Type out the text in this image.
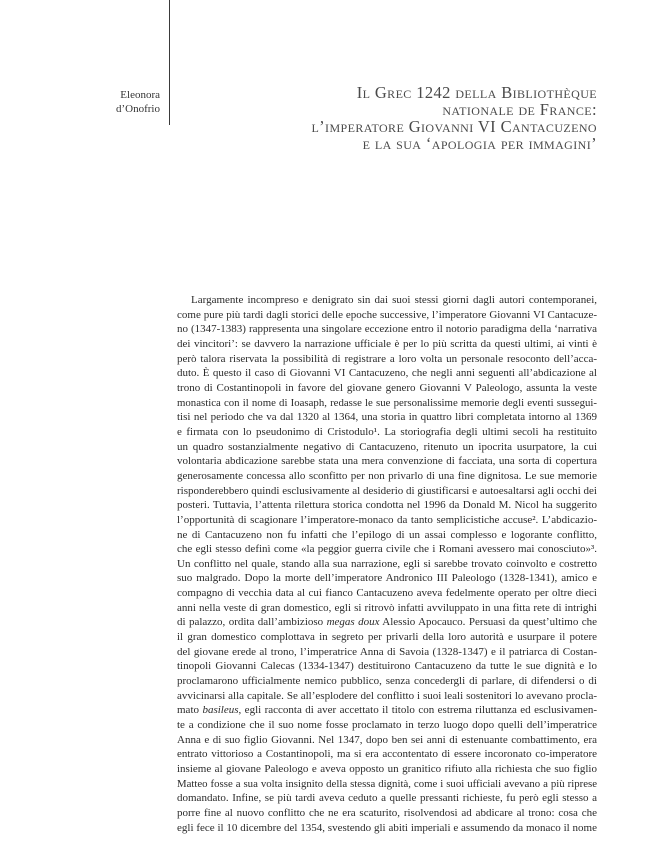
Eleonora
d’Onofrio
Il Grec 1242 della Bibliothèque
nationale de France:
l’imperatore Giovanni VI Cantacuzeno
e la sua ‘apologia per immagini’
Largamente incompreso e denigrato sin dai suoi stessi giorni dagli autori contemporanei,
come pure più tardi dagli storici delle epoche successive, l’imperatore Giovanni VI Cantacuze-
no (1347-1383) rappresenta una singolare eccezione entro il notorio paradigma della ‘narrativa
dei vincitori’: se davvero la narrazione ufficiale è per lo più scritta da questi ultimi, ai vinti è
però talora riservata la possibilità di registrare a loro volta un personale resoconto dell’acca-
duto. È questo il caso di Giovanni VI Cantacuzeno, che negli anni seguenti all’abdicazione al
trono di Costantinopoli in favore del giovane genero Giovanni V Paleologo, assunta la veste
monastica con il nome di Ioasaph, redasse le sue personalissime memorie degli eventi sussegui-
tisi nel periodo che va dal 1320 al 1364, una storia in quattro libri completata intorno al 1369
e firmata con lo pseudonimo di Cristodulo¹. La storiografia degli ultimi secoli ha restituito
un quadro sostanzialmente negativo di Cantacuzeno, ritenuto un ipocrita usurpatore, la cui
volontaria abdicazione sarebbe stata una mera convenzione di facciata, una sorta di copertura
generosamente concessa allo sconfitto per non privarlo di una fine dignitosa. Le sue memorie
risponderebbero quindi esclusivamente al desiderio di giustificarsi e autoesaltarsi agli occhi dei
posteri. Tuttavia, l’attenta rilettura storica condotta nel 1996 da Donald M. Nicol ha suggerito
l’opportunità di scagionare l’imperatore-monaco da tanto semplicistiche accuse². L’abdicazio-
ne di Cantacuzeno non fu infatti che l’epilogo di un assai complesso e logorante conflitto,
che egli stesso definì come «la peggior guerra civile che i Romani avessero mai conosciuto»³.
Un conflitto nel quale, stando alla sua narrazione, egli si sarebbe trovato coinvolto e costretto
suo malgrado. Dopo la morte dell’imperatore Andronico III Paleologo (1328-1341), amico e
compagno di vecchia data al cui fianco Cantacuzeno aveva fedelmente operato per oltre dieci
anni nella veste di gran domestico, egli si ritrovò infatti avviluppato in una fitta rete di intrighi
di palazzo, ordita dall’ambizioso megas doux Alessio Apocauco. Persuasi da quest’ultimo che
il gran domestico complottava in segreto per privarli della loro autorità e usurpare il potere
del giovane erede al trono, l’imperatrice Anna di Savoia (1328-1347) e il patriarca di Costan-
tinopoli Giovanni Calecas (1334-1347) destituirono Cantacuzeno da tutte le sue dignità e lo
proclamarono ufficialmente nemico pubblico, senza concedergli di parlare, di difendersi o di
avvicinarsi alla capitale. Se all’esplodere del conflitto i suoi leali sostenitori lo avevano procla-
mato basileus, egli racconta di aver accettato il titolo con estrema riluttanza ed esclusivamen-
te a condizione che il suo nome fosse proclamato in terzo luogo dopo quelli dell’imperatrice
Anna e di suo figlio Giovanni. Nel 1347, dopo ben sei anni di estenuante combattimento, era
entrato vittorioso a Costantinopoli, ma si era accontentato di essere incoronato co-imperatore
insieme al giovane Paleologo e aveva opposto un granitico rifiuto alla richiesta che suo figlio
Matteo fosse a sua volta insignito della stessa dignità, come i suoi ufficiali avevano a più riprese
domandato. Infine, se più tardi aveva ceduto a quelle pressanti richieste, fu però egli stesso a
porre fine al nuovo conflitto che ne era scaturito, risolvendosi ad abdicare al trono: cosa che
egli fece il 10 dicembre del 1354, svestendo gli abiti imperiali e assumendo da monaco il nome
